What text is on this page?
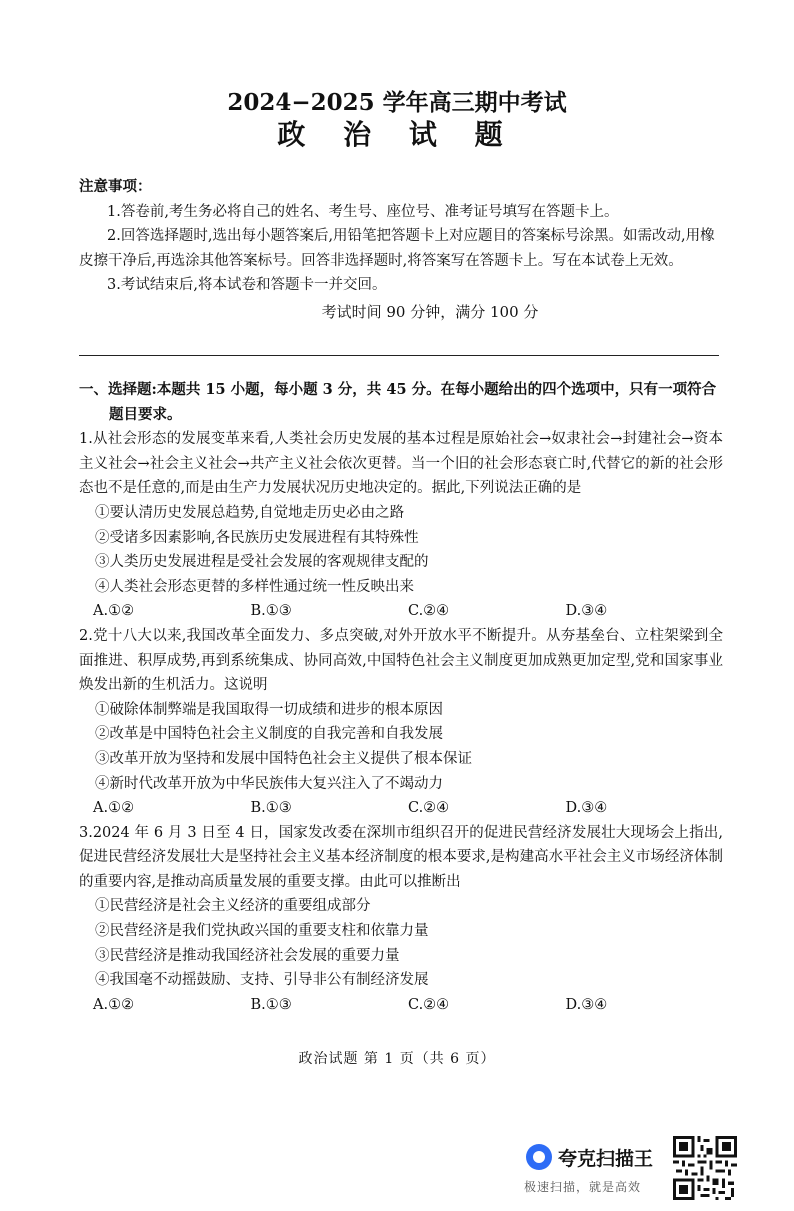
2024−2025 学年高三期中考试
政 治 试 题
注意事项：
1.答卷前,考生务必将自己的姓名、考生号、座位号、准考证号填写在答题卡上。
2.回答选择题时,选出每小题答案后,用铅笔把答题卡上对应题目的答案标号涂黑。如需改动,用橡皮擦干净后,再选涂其他答案标号。回答非选择题时,将答案写在答题卡上。写在本试卷上无效。
3.考试结束后,将本试卷和答题卡一并交回。
考试时间 90 分钟，满分 100 分
一、选择题:本题共 15 小题，每小题 3 分，共 45 分。在每小题给出的四个选项中，只有一项符合题目要求。
1.从社会形态的发展变革来看,人类社会历史发展的基本过程是原始社会→奴隶社会→封建社会→资本主义社会→社会主义社会→共产主义社会依次更替。当一个旧的社会形态衰亡时,代替它的新的社会形态也不是任意的,而是由生产力发展状况历史地决定的。据此,下列说法正确的是
①要认清历史发展总趋势,自觉地走历史必由之路
②受诸多因素影响,各民族历史发展进程有其特殊性
③人类历史发展进程是受社会发展的客观规律支配的
④人类社会形态更替的多样性通过统一性反映出来
A.①②	B.①③	C.②④	D.③④
2.党十八大以来,我国改革全面发力、多点突破,对外开放水平不断提升。从夯基垒台、立柱架梁到全面推进、积厚成势,再到系统集成、协同高效,中国特色社会主义制度更加成熟更加定型,党和国家事业焕发出新的生机活力。这说明
①破除体制弊端是我国取得一切成绩和进步的根本原因
②改革是中国特色社会主义制度的自我完善和自我发展
③改革开放为坚持和发展中国特色社会主义提供了根本保证
④新时代改革开放为中华民族伟大复兴注入了不竭动力
A.①②	B.①③	C.②④	D.③④
3.2024 年 6 月 3 日至 4 日，国家发改委在深圳市组织召开的促进民营经济发展壮大现场会上指出,促进民营经济发展壮大是坚持社会主义基本经济制度的根本要求,是构建高水平社会主义市场经济体制的重要内容,是推动高质量发展的重要支撑。由此可以推断出
①民营经济是社会主义经济的重要组成部分
②民营经济是我们党执政兴国的重要支柱和依靠力量
③民营经济是推动我国经济社会发展的重要力量
④我国毫不动摇鼓励、支持、引导非公有制经济发展
A.①②	B.①③	C.②④	D.③④
政治试题 第 1 页（共 6 页）
夸克扫描王
极速扫描，就是高效
